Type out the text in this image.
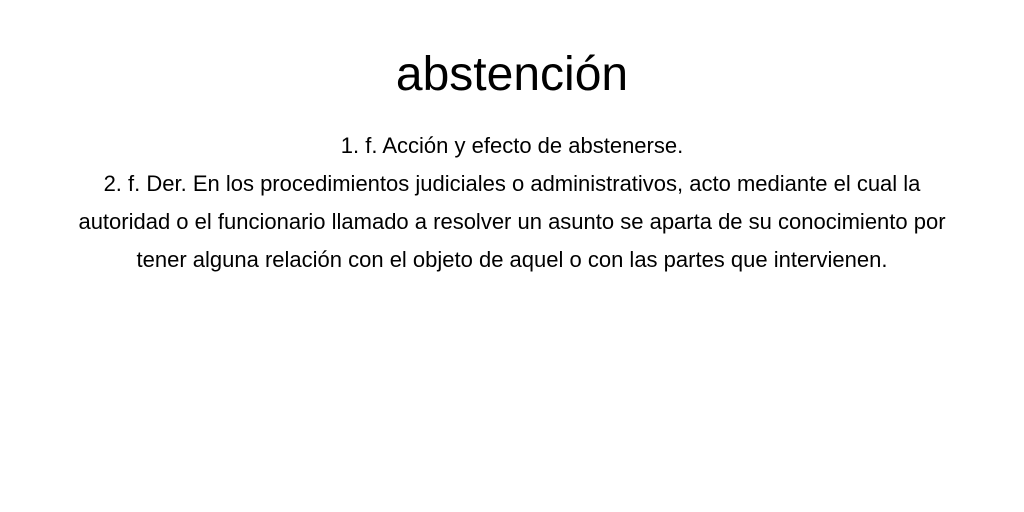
abstención
1. f. Acción y efecto de abstenerse.
2. f. Der. En los procedimientos judiciales o administrativos, acto mediante el cual la autoridad o el funcionario llamado a resolver un asunto se aparta de su conocimiento por tener alguna relación con el objeto de aquel o con las partes que intervienen.
